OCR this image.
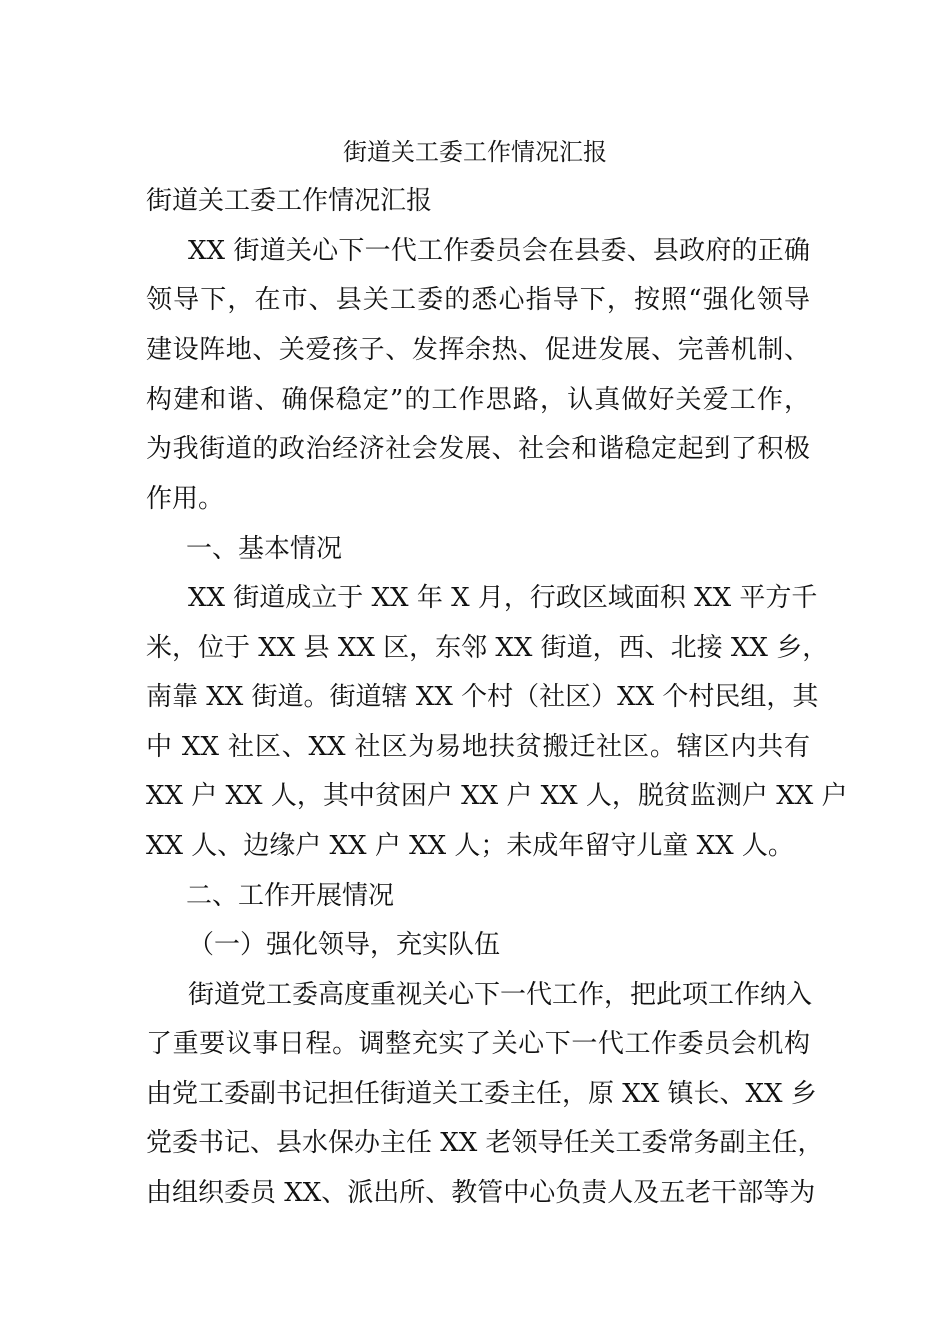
街道关工委工作情况汇报

街道关工委工作情况汇报

XX 街道关心下一代工作委员会在县委、县政府的正确

领导下，在市、县关工委的悉心指导下，按照“强化领导

建设阵地、关爱孩子、发挥余热、促进发展、完善机制、

构建和谐、确保稳定”的工作思路，认真做好关爱工作，

为我街道的政治经济社会发展、社会和谐稳定起到了积极

作用。

一、基本情况

XX 街道成立于 XX 年 X 月，行政区域面积 XX 平方千

米，位于 XX 县 XX 区，东邻 XX 街道，西、北接 XX 乡，

南靠 XX 街道。街道辖 XX 个村（社区）XX 个村民组，其

中 XX 社区、XX 社区为易地扶贫搬迁社区。辖区内共有

XX 户 XX 人，其中贫困户 XX 户 XX 人，脱贫监测户 XX 户

XX 人、边缘户 XX 户 XX 人；未成年留守儿童 XX 人。

二、工作开展情况

（一）强化领导，充实队伍

街道党工委高度重视关心下一代工作，把此项工作纳入

了重要议事日程。调整充实了关心下一代工作委员会机构

由党工委副书记担任街道关工委主任，原 XX 镇长、XX 乡

党委书记、县水保办主任 XX 老领导任关工委常务副主任，

由组织委员 XX、派出所、教管中心负责人及五老干部等为
